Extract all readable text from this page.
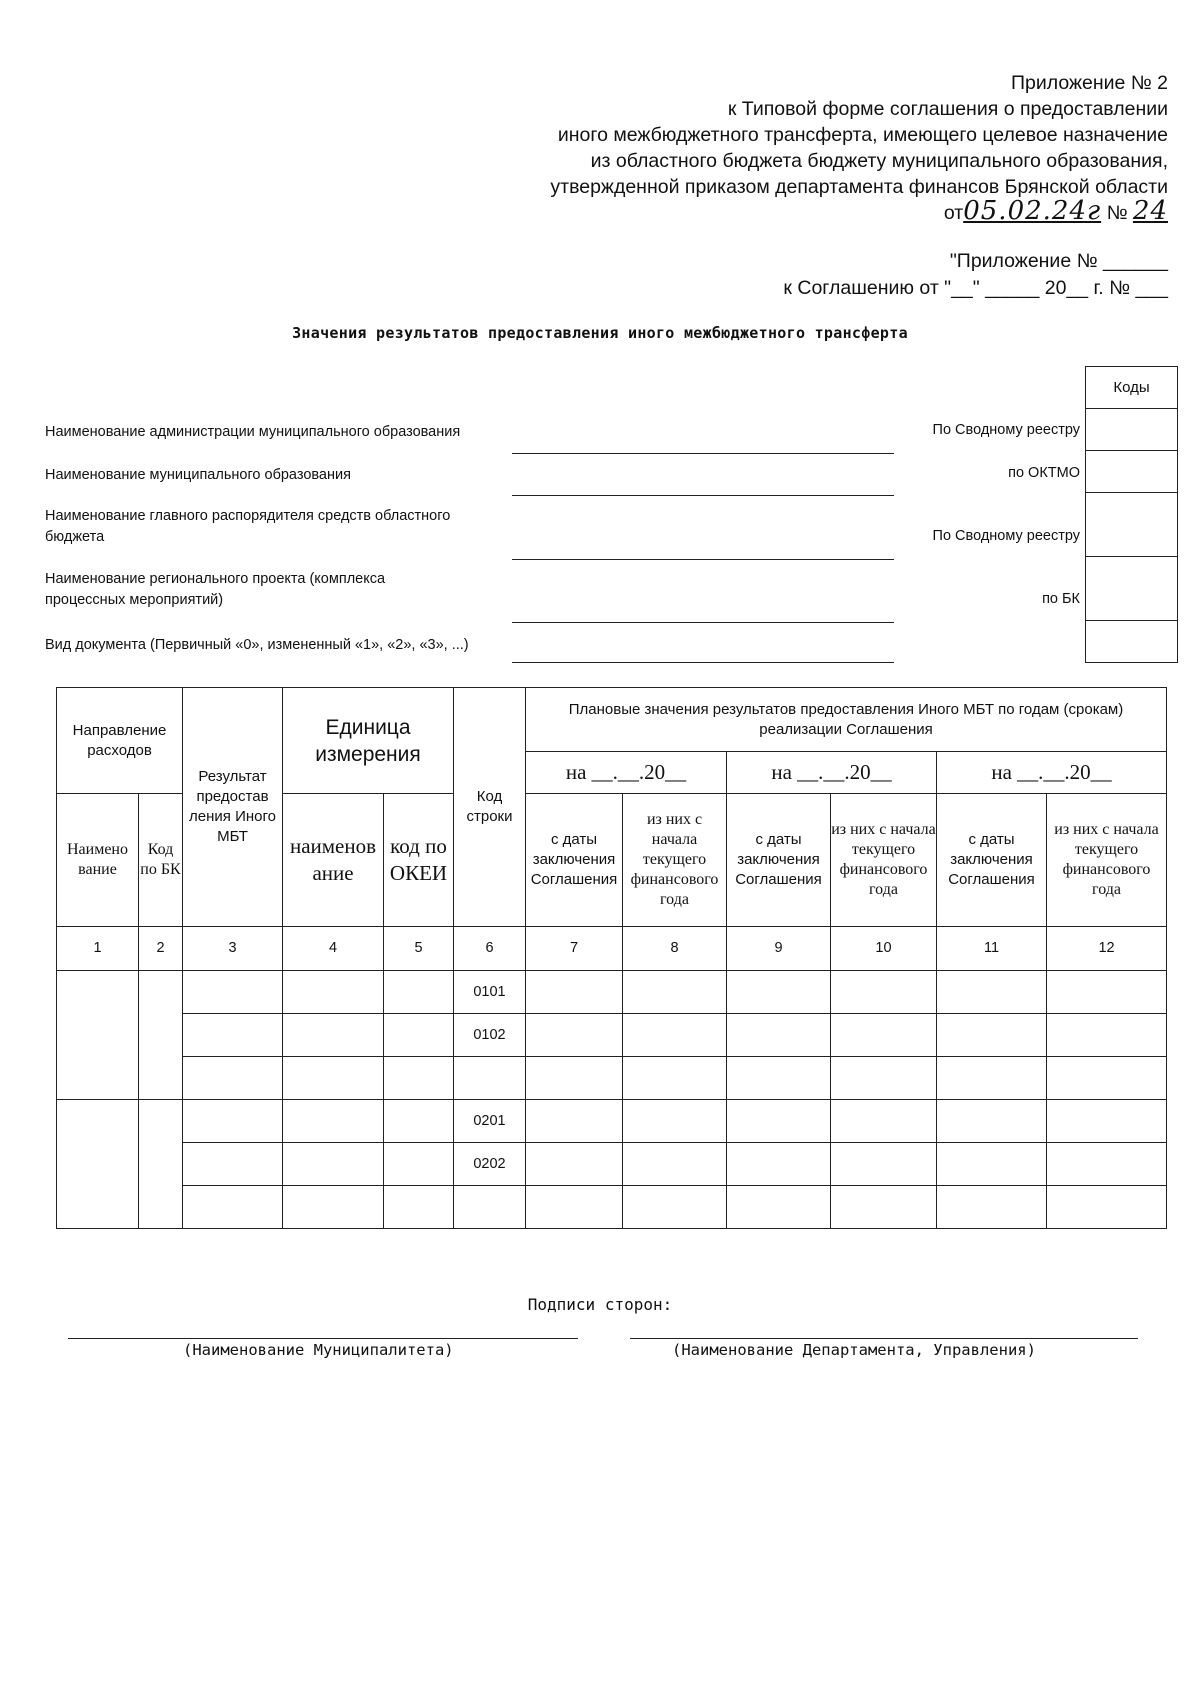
Приложение № 2
к Типовой форме соглашения о предоставлении
иного межбюджетного трансферта, имеющего целевое назначение
из областного бюджета бюджету муниципального образования,
утвержденной приказом департамента финансов Брянской области
от05.02.24г № 24
"Приложение № ______
к Соглашению от "__" _____ 20__ г. № ___
Значения результатов предоставления иного межбюджетного трансферта
Коды

Наименование администрации муниципального образования	По Сводному реестру
Наименование муниципального образования	по ОКТМО
Наименование главного распорядителя средств областного бюджета	По Сводному реестру
Наименование регионального проекта (комплекса процессных мероприятий)	по БК
Вид документа (Первичный «0», измененный «1», «2», «3», ...)
Направление расходов		Результат предостав ления Иного МБТ	Единица измерения		Код строки	Плановые значения результатов предоставления Иного МБТ по годам (срокам) реализации Соглашения					
						на __.__.20__		на __.__.20__		на __.__.20__	
Наимено вание	Код по БК		наименов ание	код по ОКЕИ		с даты заключения Соглашения	из них с начала текущего финансового года	с даты заключения Соглашения	из них с начала текущего финансового года	с даты заключения Соглашения	из них с начала текущего финансового года
1	2	3	4	5	6	7	8	9	10	11	12
					0101						
					0102						

					0201						
					0202						

Подписи сторон:
(Наименование Муниципалитета)	(Наименование Департамента, Управления)
